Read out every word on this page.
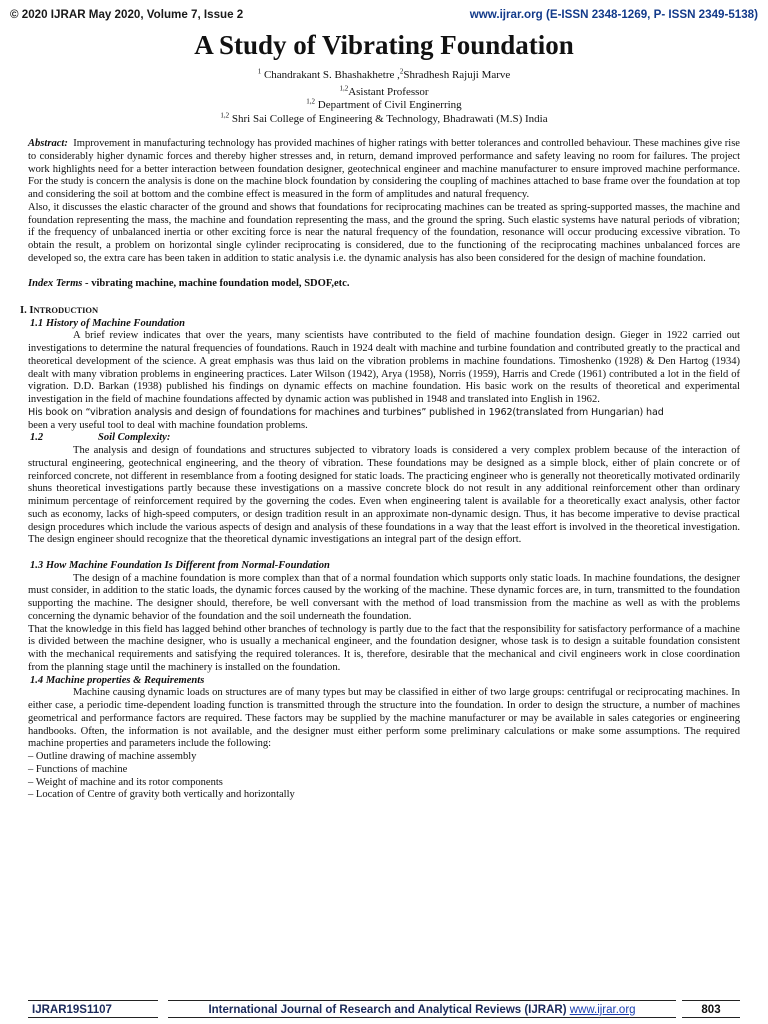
© 2020 IJRAR May 2020, Volume 7, Issue 2	www.ijrar.org (E-ISSN 2348-1269, P- ISSN 2349-5138)
A Study of Vibrating Foundation
$^1$ Chandrakant S. Bhashakhetre ,$^2$Shradhesh Rajuji Marve
$^{1,2}$Asistant Professor
$^{1,2}$ Department of Civil Enginerring
$^{1,2}$ Shri Sai College of Engineering & Technology, Bhadrawati (M.S) India

Abstract: Improvement in manufacturing technology has provided machines of higher ratings with better tolerances and controlled behaviour. These machines give rise to considerably higher dynamic forces and thereby higher stresses and, in return, demand improved performance and safety leaving no room for failures. The project work highlights need for a better interaction between foundation designer, geotechnical engineer and machine manufacturer to ensure improved machine performance. For the study is concern the analysis is done on the machine block foundation by considering the coupling of machines attached to base frame over the foundation at top and considering the soil at bottom and the combine effect is measured in the form of amplitudes and natural frequency.

Also, it discusses the elastic character of the ground and shows that foundations for reciprocating machines can be treated as spring-supported masses, the machine and foundation representing the mass, the machine and foundation representing the mass, and the ground the spring. Such elastic systems have natural periods of vibration; if the frequency of unbalanced inertia or other exciting force is near the natural frequency of the foundation, resonance will occur producing excessive vibration. To obtain the result, a problem on horizontal single cylinder reciprocating is considered, due to the functioning of the reciprocating machines unbalanced forces are developed so, the extra care has been taken in addition to static analysis i.e. the dynamic analysis has also been considered for the design of machine foundation.

Index Terms - vibrating machine, machine foundation model, SDOF,etc.

I. INTRODUCTION

1.1 History of Machine Foundation

A brief review indicates that over the years, many scientists have contributed to the field of machine foundation design. Gieger in 1922 carried out investigations to determine the natural frequencies of foundations. Rauch in 1924 dealt with machine and turbine foundation and contributed greatly to the practical and theoretical development of the science. A great emphasis was thus laid on the vibration problems in machine foundations. Timoshenko (1928) & Den Hartog (1934) dealt with many vibration problems in engineering practices. Later Wilson (1942), Arya (1958), Norris (1959), Harris and Crede (1961) contributed a lot in the field of vigration. D.D. Barkan (1938) published his findings on dynamic effects on machine foundation. His basic work on the results of theoretical and experimental investigation in the field of machine foundations affected by dynamic action was published in 1948 and translated into English in 1962.

His book on “vibration analysis and design of foundations for machines and turbines” published in 1962(translated from Hungarian) had

been a very useful tool to deal with machine foundation problems.

1.2	Soil Complexity:

The analysis and design of foundations and structures subjected to vibratory loads is considered a very complex problem because of the interaction of structural engineering, geotechnical engineering, and the theory of vibration. These foundations may be designed as a simple block, either of plain concrete or of reinforced concrete, not different in resemblance from a footing designed for static loads. The practicing engineer who is generally not theoretically motivated ordinarily shuns theoretical investigations partly because these investigations on a massive concrete block do not result in any additional reinforcement other than ordinary minimum percentage of reinforcement required by the governing the codes. Even when engineering talent is available for a theoretically exact analysis, other factor such as economy, lacks of high-speed computers, or design tradition result in an approximate non-dynamic design. Thus, it has become imperative to devise practical design procedures which include the various aspects of design and analysis of these foundations in a way that the least effort is involved in the theoretical investigation. The design engineer should recognize that the theoretical dynamic investigations an integral part of the design effort.

1.3 How Machine Foundation Is Different from Normal-Foundation

The design of a machine foundation is more complex than that of a normal foundation which supports only static loads. In machine foundations, the designer must consider, in addition to the static loads, the dynamic forces caused by the working of the machine. These dynamic forces are, in turn, transmitted to the foundation supporting the machine. The designer should, therefore, be well conversant with the method of load transmission from the machine as well as with the problems concerning the dynamic behavior of the foundation and the soil underneath the foundation.

That the knowledge in this field has lagged behind other branches of technology is partly due to the fact that the responsibility for satisfactory performance of a machine is divided between the machine designer, who is usually a mechanical engineer, and the foundation designer, whose task is to design a suitable foundation consistent with the mechanical requirements and satisfying the required tolerances. It is, therefore, desirable that the mechanical and civil engineers work in close coordination from the planning stage until the machinery is installed on the foundation.

1.4 Machine properties & Requirements

Machine causing dynamic loads on structures are of many types but may be classified in either of two large groups: centrifugal or reciprocating machines. In either case, a periodic time-dependent loading function is transmitted through the structure into the foundation. In order to design the structure, a number of machines geometrical and performance factors are required. These factors may be supplied by the machine manufacturer or may be available in sales categories or engineering handbooks. Often, the information is not available, and the designer must either perform some preliminary calculations or make some assumptions. The required machine properties and parameters include the following:

– Outline drawing of machine assembly
– Functions of machine
– Weight of machine and its rotor components
– Location of Centre of gravity both vertically and horizontally
IJRAR19S1107	International Journal of Research and Analytical Reviews (IJRAR) www.ijrar.org	803
